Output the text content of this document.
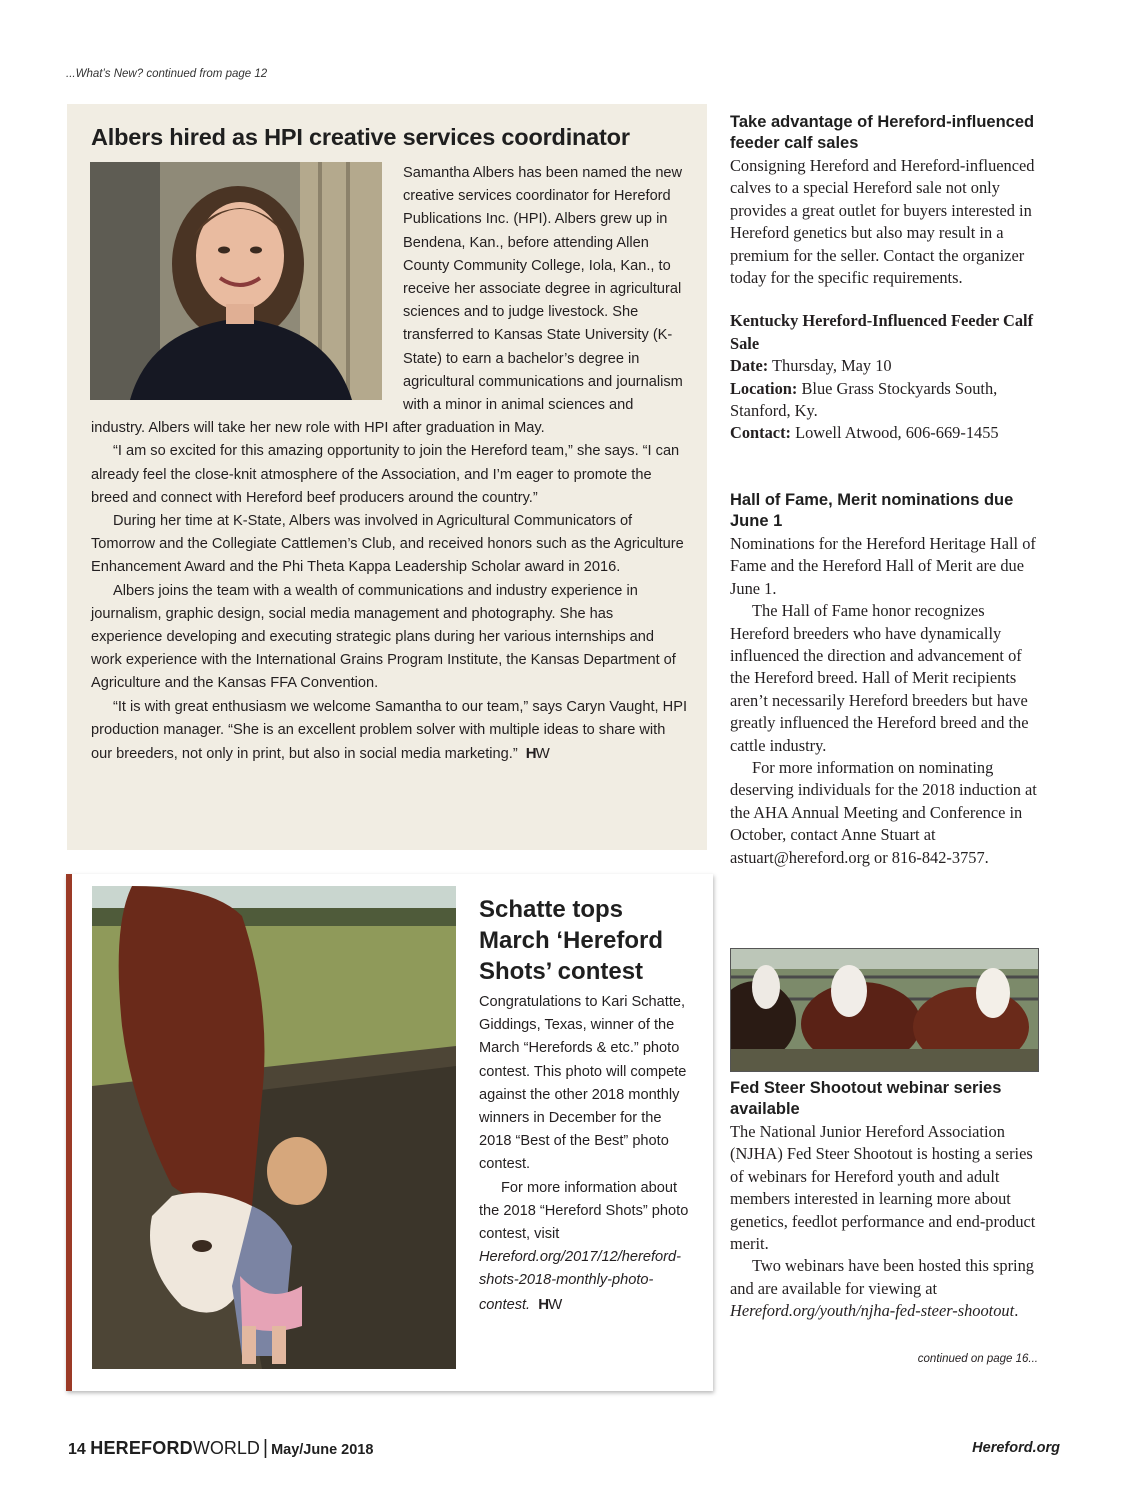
...What’s New? continued from page 12
Albers hired as HPI creative services coordinator

Samantha Albers has been named the new creative services coordinator for Hereford Publications Inc. (HPI). Albers grew up in Bendena, Kan., before attending Allen County Community College, Iola, Kan., to receive her associate degree in agricultural sciences and to judge livestock. She transferred to Kansas State University (K-State) to earn a bachelor’s degree in agricultural communications and journalism with a minor in animal sciences and industry. Albers will take her new role with HPI after graduation in May.

“I am so excited for this amazing opportunity to join the Hereford team,” she says. “I can already feel the close-knit atmosphere of the Association, and I’m eager to promote the breed and connect with Hereford beef producers around the country.”

During her time at K-State, Albers was involved in Agricultural Communicators of Tomorrow and the Collegiate Cattlemen’s Club, and received honors such as the Agriculture Enhancement Award and the Phi Theta Kappa Leadership Scholar award in 2016.

Albers joins the team with a wealth of communications and industry experience in journalism, graphic design, social media management and photography. She has experience developing and executing strategic plans during her various internships and work experience with the International Grains Program Institute, the Kansas Department of Agriculture and the Kansas FFA Convention.

“It is with great enthusiasm we welcome Samantha to our team,” says Caryn Vaught, HPI production manager. “She is an excellent problem solver with multiple ideas to share with our breeders, not only in print, but also in social media marketing.” HW

Schatte tops March ‘Hereford Shots’ contest

Congratulations to Kari Schatte, Giddings, Texas, winner of the March “Herefords & etc.” photo contest. This photo will compete against the other 2018 monthly winners in December for the 2018 “Best of the Best” photo contest.

For more information about the 2018 “Hereford Shots” photo contest, visit Hereford.org/2017/12/hereford-shots-2018-monthly-photo-contest. HW

Take advantage of Hereford-influenced feeder calf sales

Consigning Hereford and Hereford-influenced calves to a special Hereford sale not only provides a great outlet for buyers interested in Hereford genetics but also may result in a premium for the seller. Contact the organizer today for the specific requirements.

Kentucky Hereford-Influenced Feeder Calf Sale

Date: Thursday, May 10

Location: Blue Grass Stockyards South, Stanford, Ky.

Contact: Lowell Atwood, 606-669-1455

Hall of Fame, Merit nominations due June 1

Nominations for the Hereford Heritage Hall of Fame and the Hereford Hall of Merit are due June 1.

The Hall of Fame honor recognizes Hereford breeders who have dynamically influenced the direction and advancement of the Hereford breed. Hall of Merit recipients aren’t necessarily Hereford breeders but have greatly influenced the Hereford breed and the cattle industry.

For more information on nominating deserving individuals for the 2018 induction at the AHA Annual Meeting and Conference in October, contact Anne Stuart at astuart@hereford.org or 816-842-3757.

Fed Steer Shootout webinar series available

The National Junior Hereford Association (NJHA) Fed Steer Shootout is hosting a series of webinars for Hereford youth and adult members interested in learning more about genetics, feedlot performance and end-product merit.

Two webinars have been hosted this spring and are available for viewing at Hereford.org/youth/njha-fed-steer-shootout.

continued on page 16...
14 HEREFORDWORLD | May/June 2018	Hereford.org
